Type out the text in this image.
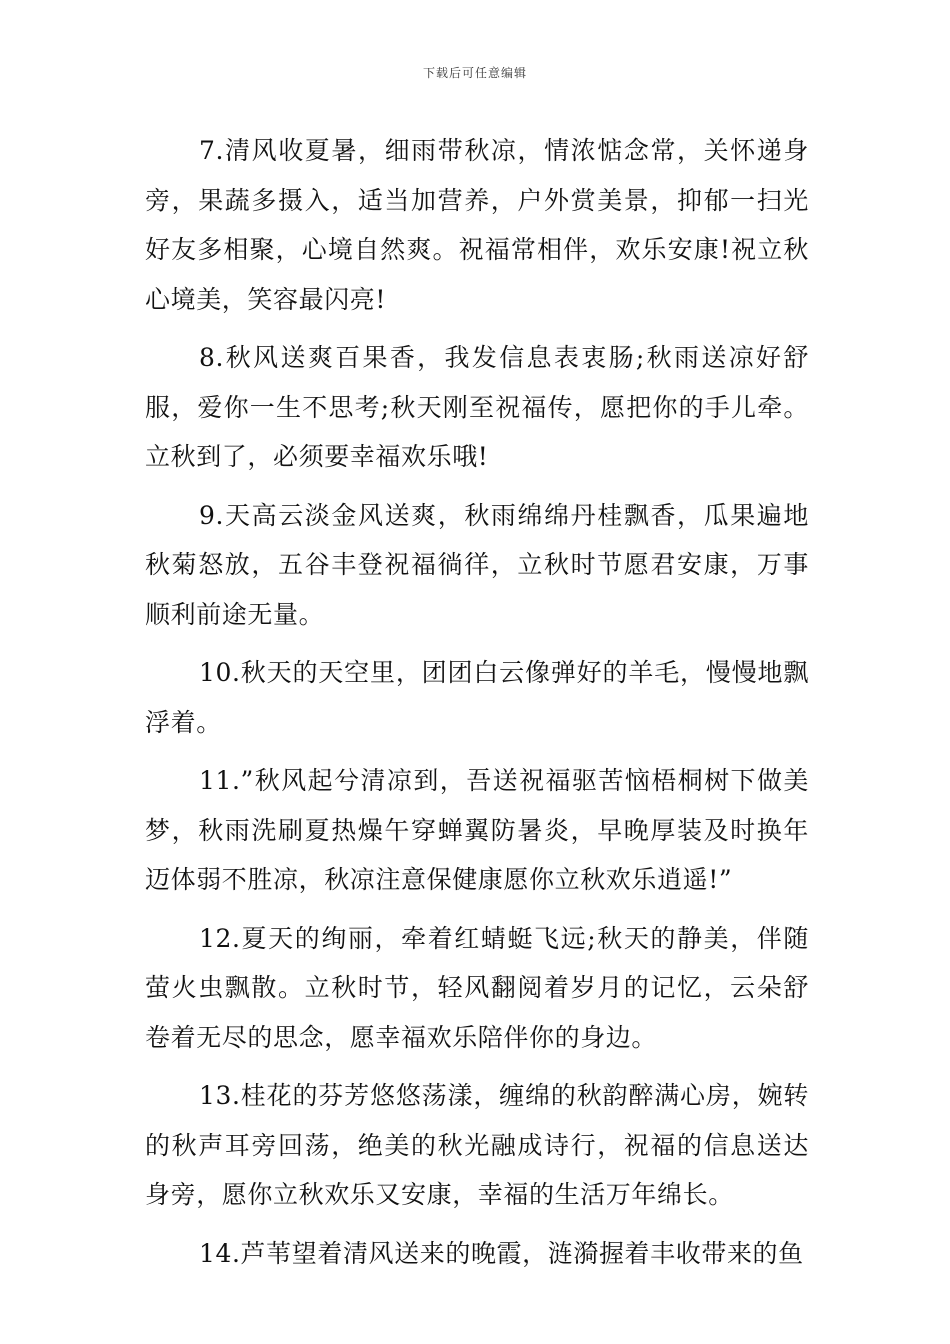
下载后可任意编辑

7.清风收夏暑，细雨带秋凉，情浓惦念常，关怀递身旁，果蔬多摄入，适当加营养，户外赏美景，抑郁一扫光好友多相聚，心境自然爽。祝福常相伴，欢乐安康!祝立秋心境美，笑容最闪亮!

8.秋风送爽百果香，我发信息表衷肠;秋雨送凉好舒服，爱你一生不思考;秋天刚至祝福传，愿把你的手儿牵。立秋到了，必须要幸福欢乐哦!

9.天高云淡金风送爽，秋雨绵绵丹桂飘香，瓜果遍地秋菊怒放，五谷丰登祝福徜徉，立秋时节愿君安康，万事顺利前途无量。

10.秋天的天空里，团团白云像弹好的羊毛，慢慢地飘浮着。

11.”秋风起兮清凉到，吾送祝福驱苦恼梧桐树下做美梦，秋雨洗刷夏热燥午穿蝉翼防暑炎，早晚厚装及时换年迈体弱不胜凉，秋凉注意保健康愿你立秋欢乐逍遥!”

12.夏天的绚丽，牵着红蜻蜓飞远;秋天的静美，伴随萤火虫飘散。立秋时节，轻风翻阅着岁月的记忆，云朵舒卷着无尽的思念，愿幸福欢乐陪伴你的身边。

13.桂花的芬芳悠悠荡漾，缠绵的秋韵醉满心房，婉转的秋声耳旁回荡，绝美的秋光融成诗行，祝福的信息送达身旁，愿你立秋欢乐又安康，幸福的生活万年绵长。

14.芦苇望着清风送来的晚霞，涟漪握着丰收带来的鱼
